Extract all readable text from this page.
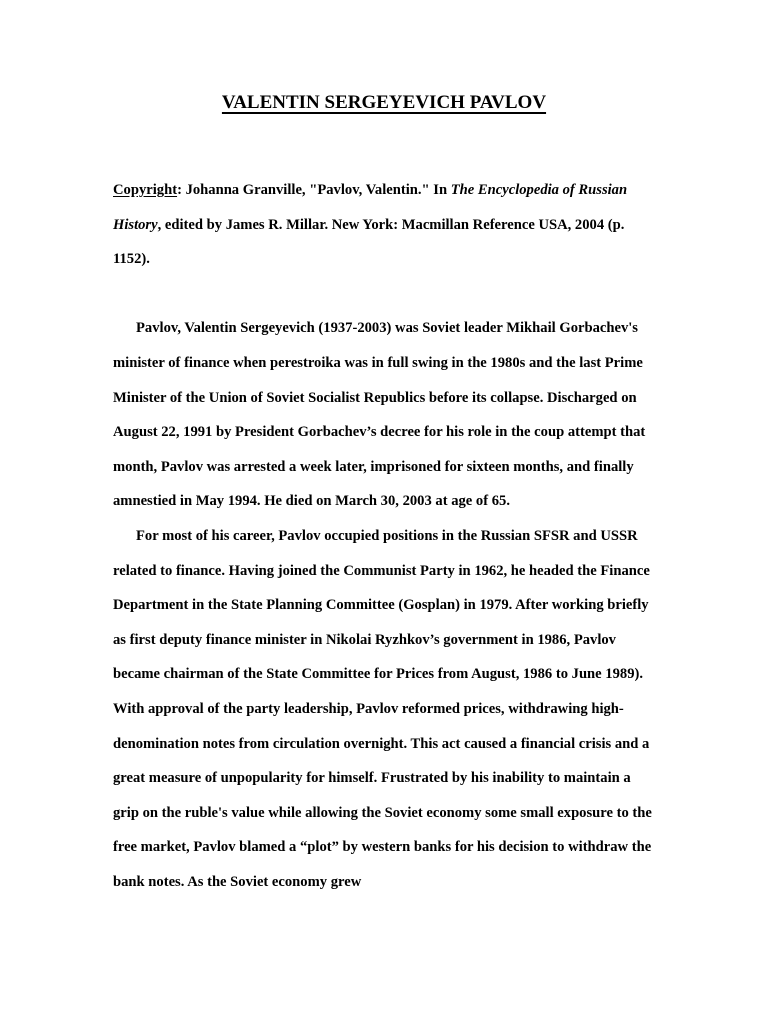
VALENTIN SERGEYEVICH PAVLOV

Copyright: Johanna Granville, "Pavlov, Valentin." In The Encyclopedia of Russian History, edited by James R. Millar. New York: Macmillan Reference USA, 2004 (p. 1152).

Pavlov, Valentin Sergeyevich (1937-2003) was Soviet leader Mikhail Gorbachev's minister of finance when perestroika was in full swing in the 1980s and the last Prime Minister of the Union of Soviet Socialist Republics before its collapse. Discharged on August 22, 1991 by President Gorbachev’s decree for his role in the coup attempt that month, Pavlov was arrested a week later, imprisoned for sixteen months, and finally amnestied in May 1994. He died on March 30, 2003 at age of 65.

For most of his career, Pavlov occupied positions in the Russian SFSR and USSR related to finance. Having joined the Communist Party in 1962, he headed the Finance Department in the State Planning Committee (Gosplan) in 1979. After working briefly as first deputy finance minister in Nikolai Ryzhkov’s government in 1986, Pavlov became chairman of the State Committee for Prices from August, 1986 to June 1989). With approval of the party leadership, Pavlov reformed prices, withdrawing high-denomination notes from circulation overnight. This act caused a financial crisis and a great measure of unpopularity for himself. Frustrated by his inability to maintain a grip on the ruble's value while allowing the Soviet economy some small exposure to the free market, Pavlov blamed a “plot” by western banks for his decision to withdraw the bank notes. As the Soviet economy grew
